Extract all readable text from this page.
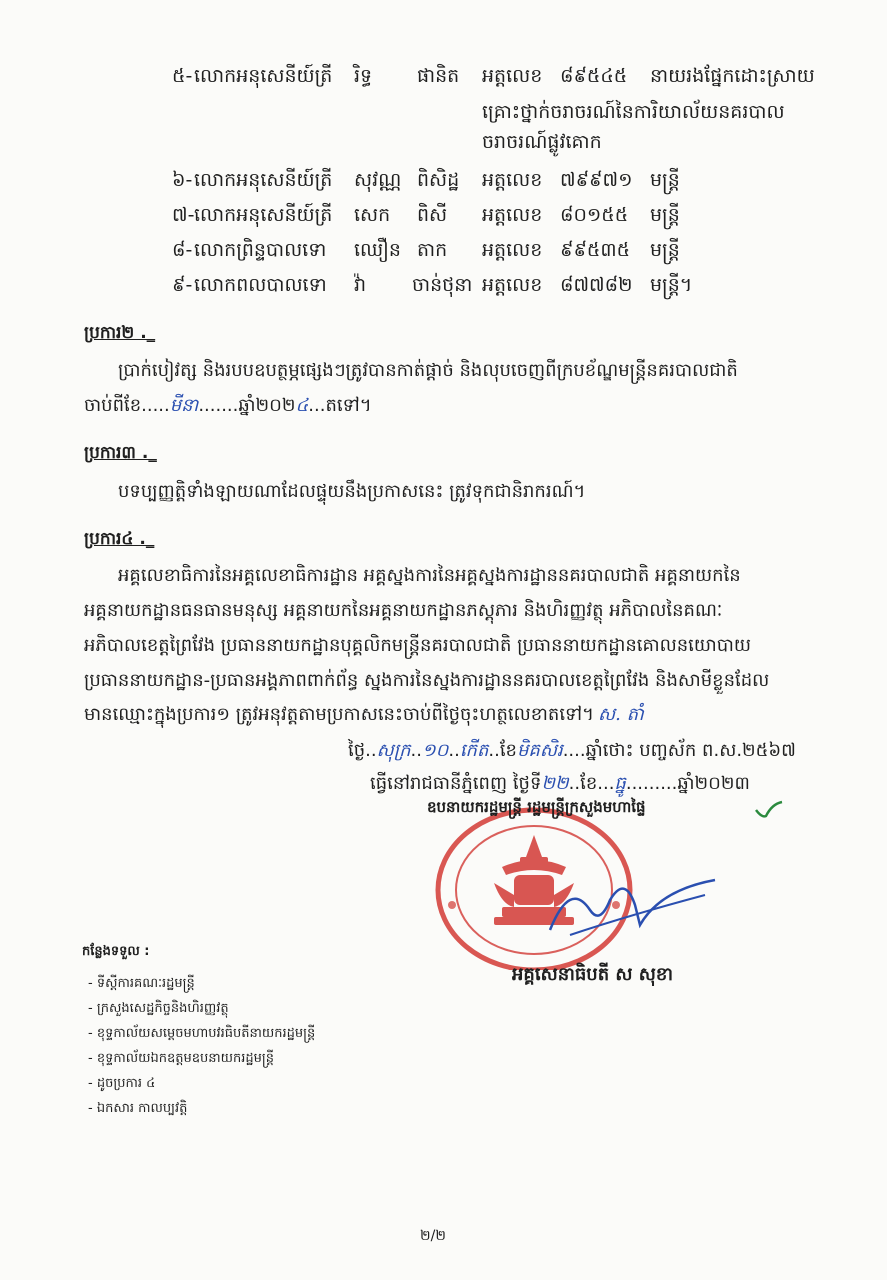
៥- លោកអនុសេនីយ៍ត្រី រិទ្ធ ផានិត អត្តលេខ ៨៩៥៤៥ នាយរងផ្នែកដោះស្រាយ
គ្រោះថ្នាក់ចរាចរណ៍នៃការិយាល័យនគរបាល
ចរាចរណ៍ផ្លូវគោក
៦- លោកអនុសេនីយ៍ត្រី សុវណ្ណ ពិសិដ្ឋ អត្តលេខ ៧៩៩៧១ មន្ត្រី
៧- លោកអនុសេនីយ៍ត្រី សេក ពិសី អត្តលេខ ៨០១៥៥ មន្ត្រី
៨- លោកព្រិន្ទបាលទោ ឈឿន តាក អត្តលេខ ៩៩៥៣៥ មន្ត្រី
៩- លោកពលបាលទោ វ៉ា ចាន់ថុនា អត្តលេខ ៨៧៧៨២ មន្ត្រី។
ប្រការ២ ._
ប្រាក់បៀវត្ស និងរបបឧបត្ថម្ភផ្សេងៗត្រូវបានកាត់ផ្តាច់ និងលុបចេញពីក្របខ័ណ្ឌមន្ត្រីនគរបាលជាតិ
ចាប់ពីខែ.....មីនា.......ឆ្នាំ២០២៤...តទៅ។
ប្រការ៣ ._
បទប្បញ្ញត្តិទាំងឡាយណាដែលផ្ទុយនឹងប្រកាសនេះ ត្រូវទុកជានិរាករណ៍។
ប្រការ៤ ._
អគ្គលេខាធិការនៃអគ្គលេខាធិការដ្ឋាន អគ្គស្នងការនៃអគ្គស្នងការដ្ឋាននគរបាលជាតិ អគ្គនាយកនៃ
អគ្គនាយកដ្ឋានធនធានមនុស្ស អគ្គនាយកនៃអគ្គនាយកដ្ឋានភស្តុភារ និងហិរញ្ញវត្ថុ អភិបាលនៃគណៈ
អភិបាលខេត្តព្រៃវែង ប្រធាននាយកដ្ឋានបុគ្គលិកមន្ត្រីនគរបាលជាតិ ប្រធាននាយកដ្ឋានគោលនយោបាយ
ប្រធាននាយកដ្ឋាន-ប្រធានអង្គភាពពាក់ព័ន្ធ ស្នងការនៃស្នងការដ្ឋាននគរបាលខេត្តព្រៃវែង និងសាមីខ្លួនដែល
មានឈ្មោះក្នុងប្រការ១ ត្រូវអនុវត្តតាមប្រកាសនេះចាប់ពីថ្ងៃចុះហត្ថលេខាតទៅ។ ស. តាំ
ថ្ងៃ..សុក្រ..១០..កើត..ខែមិគសិរ....ឆ្នាំថោះ បញ្ចស័ក ព.ស.២៥៦៧
ធ្វើនៅរាជធានីភ្នំពេញ ថ្ងៃទី២២..ខែ...ធ្នូ.........ឆ្នាំ២០២៣
ឧបនាយករដ្ឋមន្ត្រី រដ្ឋមន្ត្រីក្រសួងមហាផ្ទៃ
អគ្គសេនាធិបតី ស សុខា
កន្លែងទទួល :
- ទីស្តីការគណៈរដ្ឋមន្ត្រី
- ក្រសួងសេដ្ឋកិច្ចនិងហិរញ្ញវត្ថុ
- ខុទ្ទកាល័យសម្តេចមហាបវរធិបតីនាយករដ្ឋមន្ត្រី
- ខុទ្ទកាល័យឯកឧត្តមឧបនាយករដ្ឋមន្ត្រី
- ដូចប្រការ ៤
- ឯកសារ កាលប្បវត្តិ
២/២
